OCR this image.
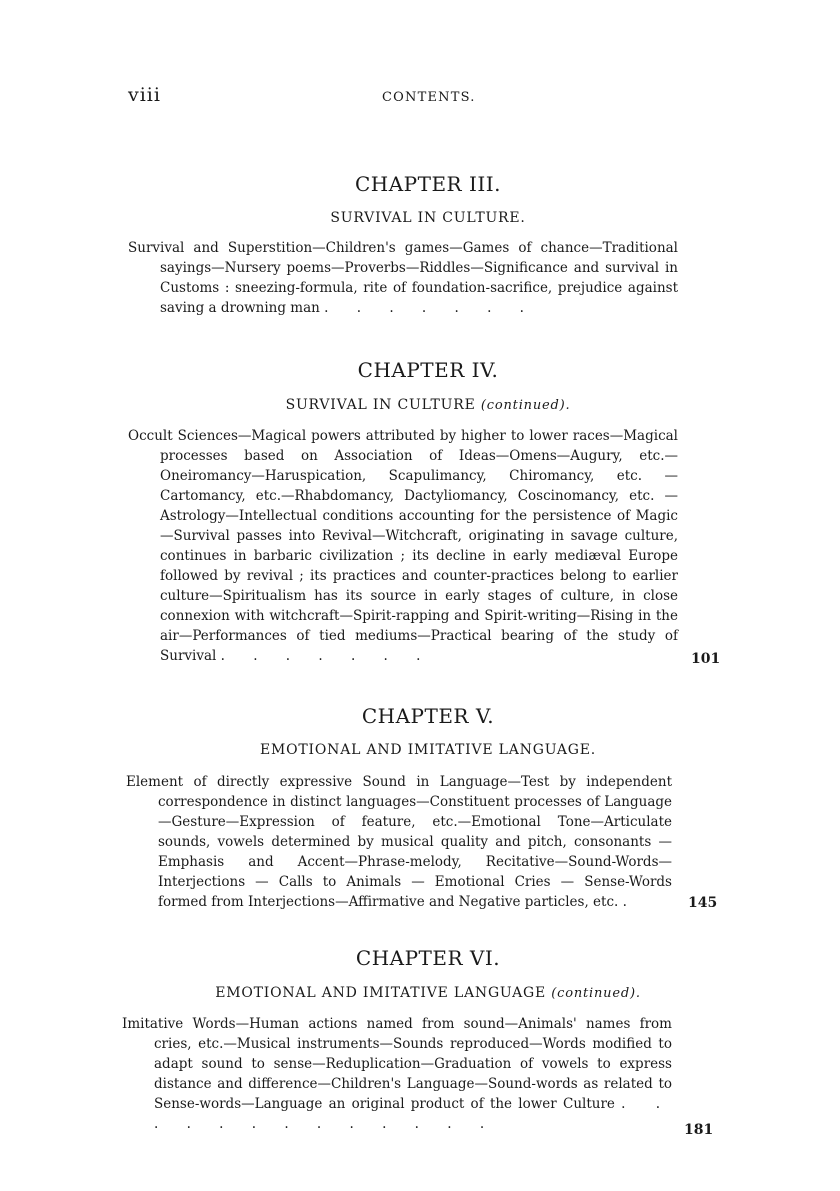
viii	CONTENTS.
CHAPTER III.
SURVIVAL IN CULTURE.

Survival and Superstition—Children's games—Games of chance—Traditional sayings—Nursery poems—Proverbs—Riddles—Significance and survival in Customs : sneezing-formula, rite of foundation-sacrifice, prejudice against saving a drowning man . . . . . . .

CHAPTER IV.
SURVIVAL IN CULTURE (continued).

Occult Sciences—Magical powers attributed by higher to lower races—Magical processes based on Association of Ideas—Omens—Augury, etc.—Oneiromancy—Haruspication, Scapulimancy, Chiromancy, etc. —Cartomancy, etc.—Rhabdomancy, Dactyliomancy, Coscinomancy, etc. —Astrology—Intellectual conditions accounting for the persistence of Magic—Survival passes into Revival—Witchcraft, originating in savage culture, continues in barbaric civilization ; its decline in early mediæval Europe followed by revival ; its practices and counter-practices belong to earlier culture—Spiritualism has its source in early stages of culture, in close connexion with witchcraft—Spirit-rapping and Spirit-writing—Rising in the air—Performances of tied mediums—Practical bearing of the study of Survival . . . . . . .	101
CHAPTER V.
EMOTIONAL AND IMITATIVE LANGUAGE.

Element of directly expressive Sound in Language—Test by independent correspondence in distinct languages—Constituent processes of Language—Gesture—Expression of feature, etc.—Emotional Tone—Articulate sounds, vowels determined by musical quality and pitch, consonants —Emphasis and Accent—Phrase-melody, Recitative—Sound-Words—Interjections — Calls to Animals — Emotional Cries — Sense-Words formed from Interjections—Affirmative and Negative particles, etc. .	145
CHAPTER VI.
EMOTIONAL AND IMITATIVE LANGUAGE (continued).

Imitative Words—Human actions named from sound—Animals' names from cries, etc.—Musical instruments—Sounds reproduced—Words modified to adapt sound to sense—Reduplication—Graduation of vowels to express distance and difference—Children's Language—Sound-words as related to Sense-words—Language an original product of the lower Culture . . . . . . . . . . . . .	181
